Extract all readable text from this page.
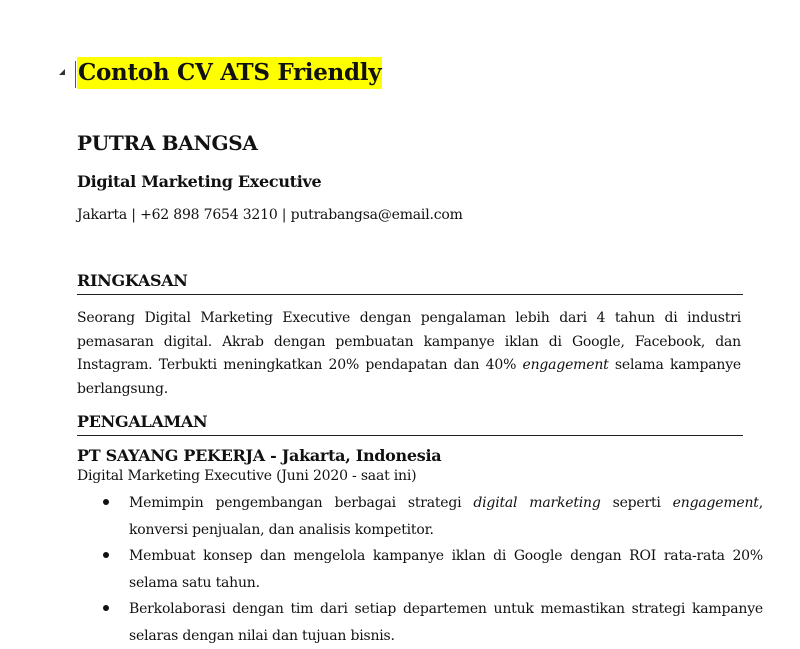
Contoh CV ATS Friendly
PUTRA BANGSA
Digital Marketing Executive
Jakarta | +62 898 7654 3210 | putrabangsa@email.com
RINGKASAN

Seorang Digital Marketing Executive dengan pengalaman lebih dari 4 tahun di industri pemasaran digital. Akrab dengan pembuatan kampanye iklan di Google, Facebook, dan Instagram. Terbukti meningkatkan 20% pendapatan dan 40% engagement selama kampanye berlangsung.

PENGALAMAN

PT SAYANG PEKERJA - Jakarta, Indonesia

Digital Marketing Executive (Juni 2020 - saat ini)

Memimpin pengembangan berbagai strategi digital marketing seperti engagement, konversi penjualan, dan analisis kompetitor.
Membuat konsep dan mengelola kampanye iklan di Google dengan ROI rata-rata 20% selama satu tahun.
Berkolaborasi dengan tim dari setiap departemen untuk memastikan strategi kampanye selaras dengan nilai dan tujuan bisnis.
